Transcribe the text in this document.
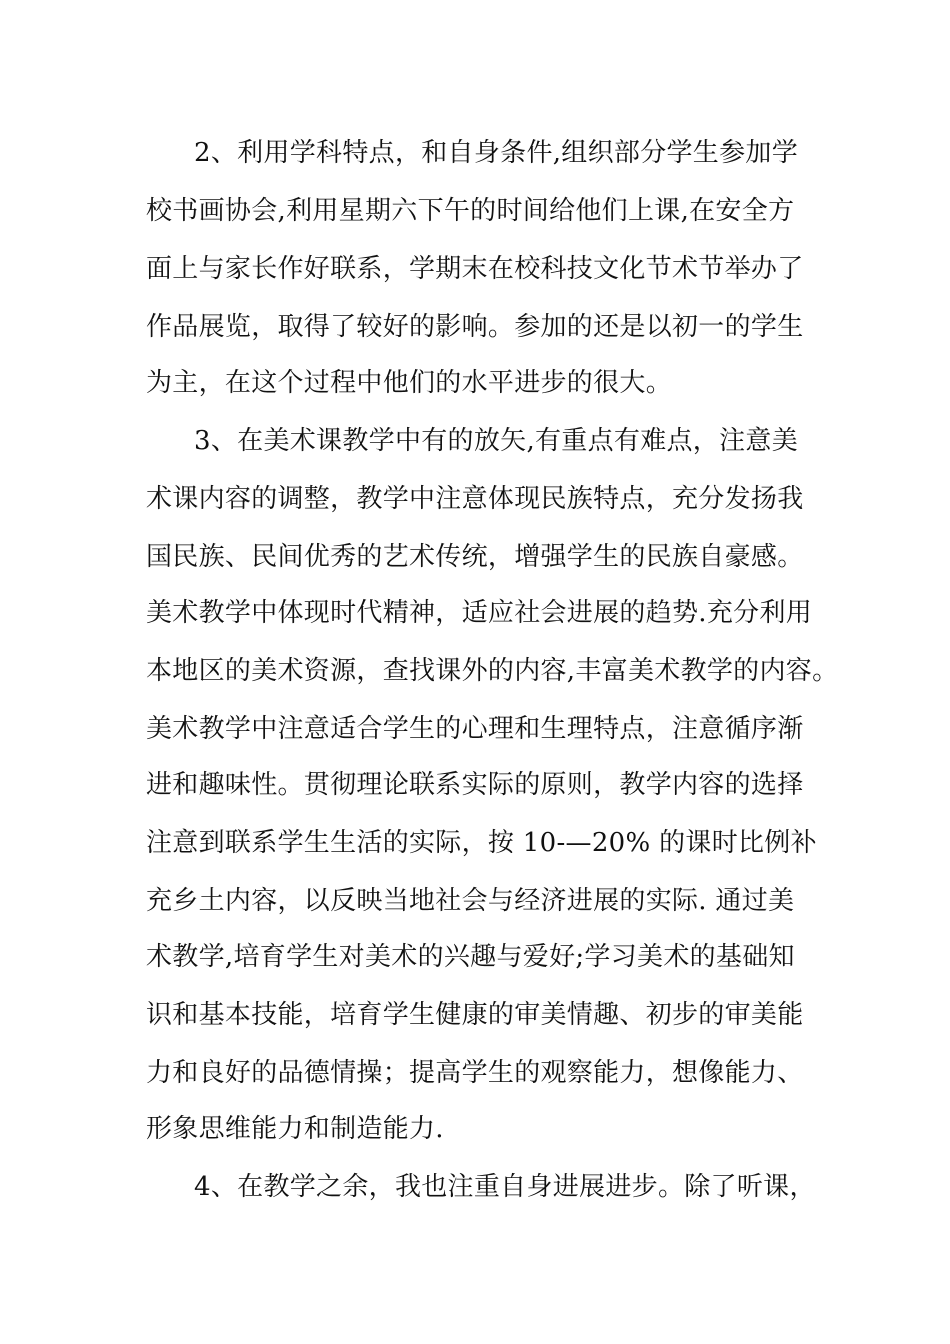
2、利用学科特点，和自身条件,组织部分学生参加学
校书画协会,利用星期六下午的时间给他们上课,在安全方
面上与家长作好联系，学期末在校科技文化节术节举办了
作品展览，取得了较好的影响。参加的还是以初一的学生
为主，在这个过程中他们的水平进步的很大。
3、在美术课教学中有的放矢,有重点有难点，注意美
术课内容的调整，教学中注意体现民族特点，充分发扬我
国民族、民间优秀的艺术传统，增强学生的民族自豪感。
美术教学中体现时代精神，适应社会进展的趋势.充分利用
本地区的美术资源，查找课外的内容,丰富美术教学的内容。
美术教学中注意适合学生的心理和生理特点，注意循序渐
进和趣味性。贯彻理论联系实际的原则，教学内容的选择
注意到联系学生生活的实际，按 10-—20% 的课时比例补
充乡土内容，以反映当地社会与经济进展的实际. 通过美
术教学,培育学生对美术的兴趣与爱好;学习美术的基础知
识和基本技能，培育学生健康的审美情趣、初步的审美能
力和良好的品德情操；提高学生的观察能力，想像能力、
形象思维能力和制造能力.
4、在教学之余，我也注重自身进展进步。除了听课，
